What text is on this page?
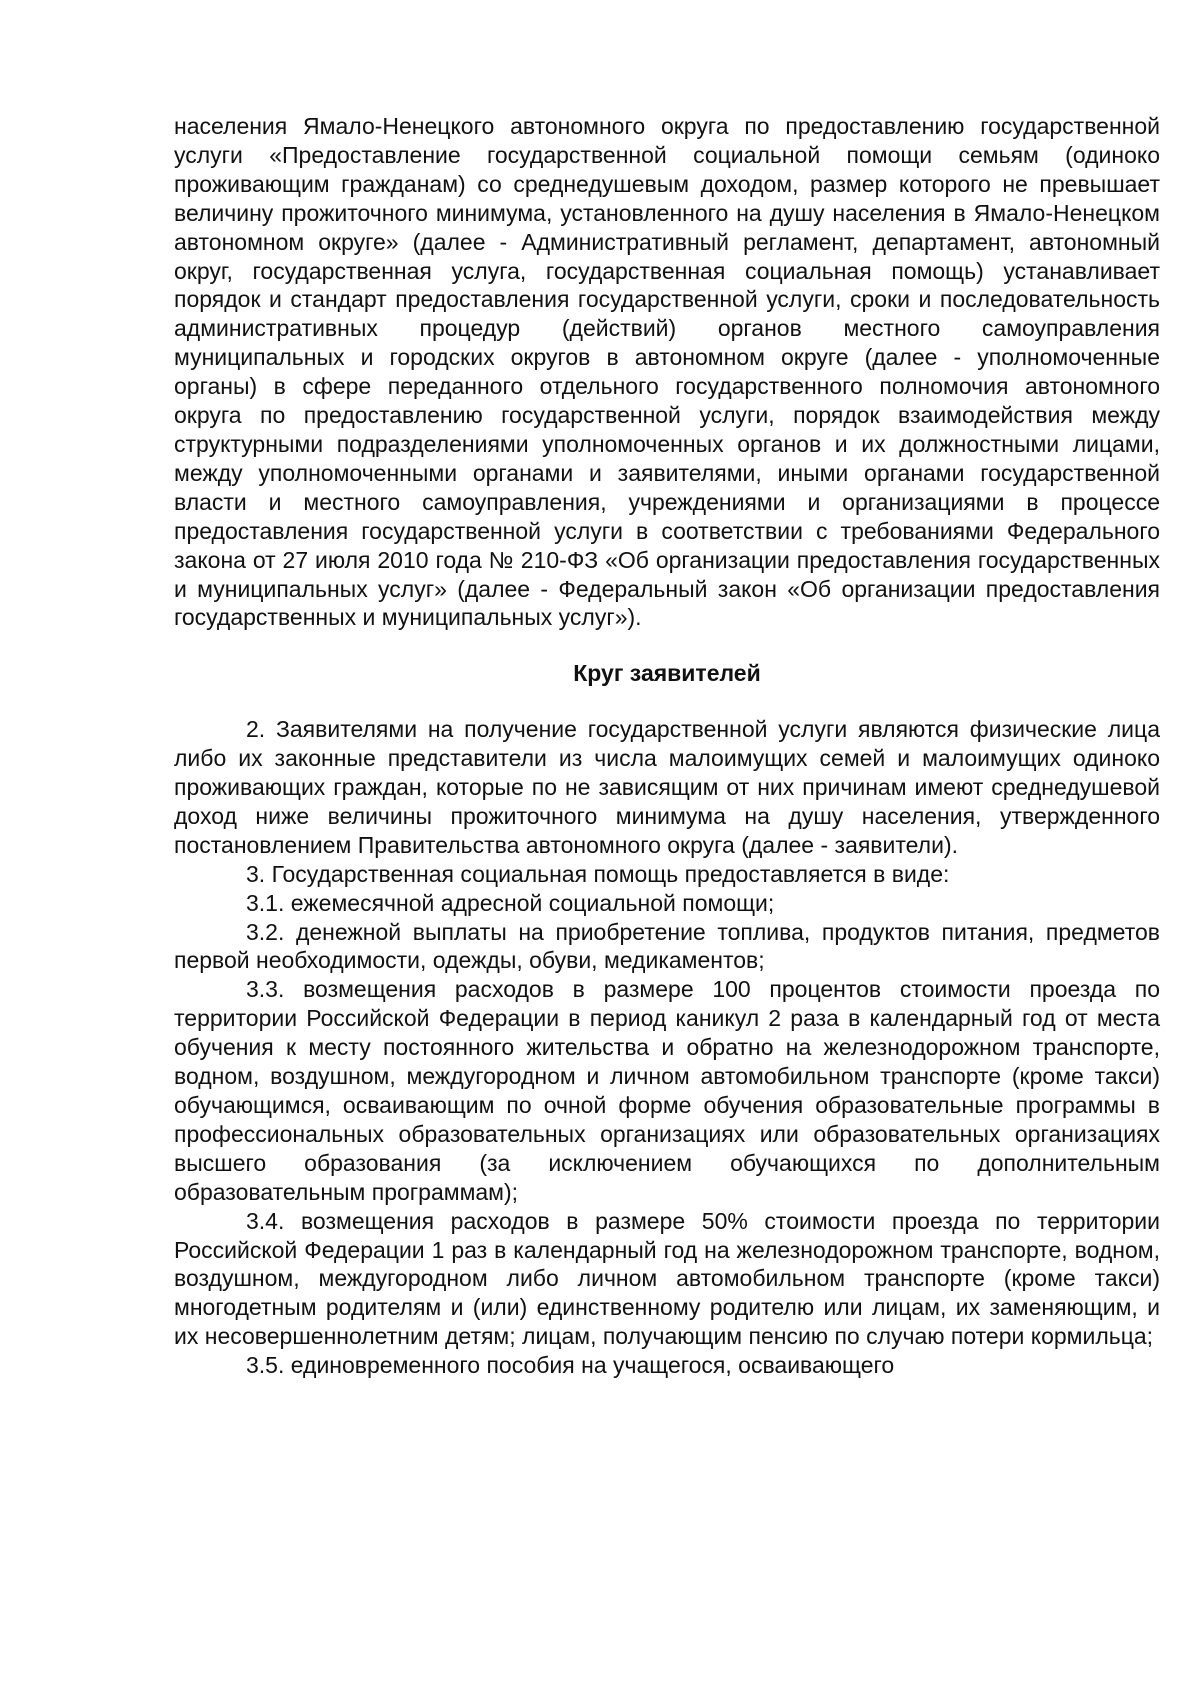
населения Ямало-Ненецкого автономного округа по предоставлению государственной услуги «Предоставление государственной социальной помощи семьям (одиноко проживающим гражданам) со среднедушевым доходом, размер которого не превышает величину прожиточного минимума, установленного на душу населения в Ямало-Ненецком автономном округе» (далее - Административный регламент, департамент, автономный округ, государственная услуга, государственная социальная помощь) устанавливает порядок и стандарт предоставления государственной услуги, сроки и последовательность административных процедур (действий) органов местного самоуправления муниципальных и городских округов в автономном округе (далее - уполномоченные органы) в сфере переданного отдельного государственного полномочия автономного округа по предоставлению государственной услуги, порядок взаимодействия между структурными подразделениями уполномоченных органов и их должностными лицами, между уполномоченными органами и заявителями, иными органами государственной власти и местного самоуправления, учреждениями и организациями в процессе предоставления государственной услуги в соответствии с требованиями Федерального закона от 27 июля 2010 года № 210-ФЗ «Об организации предоставления государственных и муниципальных услуг» (далее - Федеральный закон «Об организации предоставления государственных и муниципальных услуг»).

Круг заявителей

2. Заявителями на получение государственной услуги являются физические лица либо их законные представители из числа малоимущих семей и малоимущих одиноко проживающих граждан, которые по не зависящим от них причинам имеют среднедушевой доход ниже величины прожиточного минимума на душу населения, утвержденного постановлением Правительства автономного округа (далее - заявители).

3. Государственная социальная помощь предоставляется в виде:

3.1. ежемесячной адресной социальной помощи;

3.2. денежной выплаты на приобретение топлива, продуктов питания, предметов первой необходимости, одежды, обуви, медикаментов;

3.3. возмещения расходов в размере 100 процентов стоимости проезда по территории Российской Федерации в период каникул 2 раза в календарный год от места обучения к месту постоянного жительства и обратно на железнодорожном транспорте, водном, воздушном, междугородном и личном автомобильном транспорте (кроме такси) обучающимся, осваивающим по очной форме обучения образовательные программы в профессиональных образовательных организациях или образовательных организациях высшего образования (за исключением обучающихся по дополнительным образовательным программам);

3.4. возмещения расходов в размере 50% стоимости проезда по территории Российской Федерации 1 раз в календарный год на железнодорожном транспорте, водном, воздушном, междугородном либо личном автомобильном транспорте (кроме такси) многодетным родителям и (или) единственному родителю или лицам, их заменяющим, и их несовершеннолетним детям; лицам, получающим пенсию по случаю потери кормильца;

3.5. единовременного пособия на учащегося, осваивающего
